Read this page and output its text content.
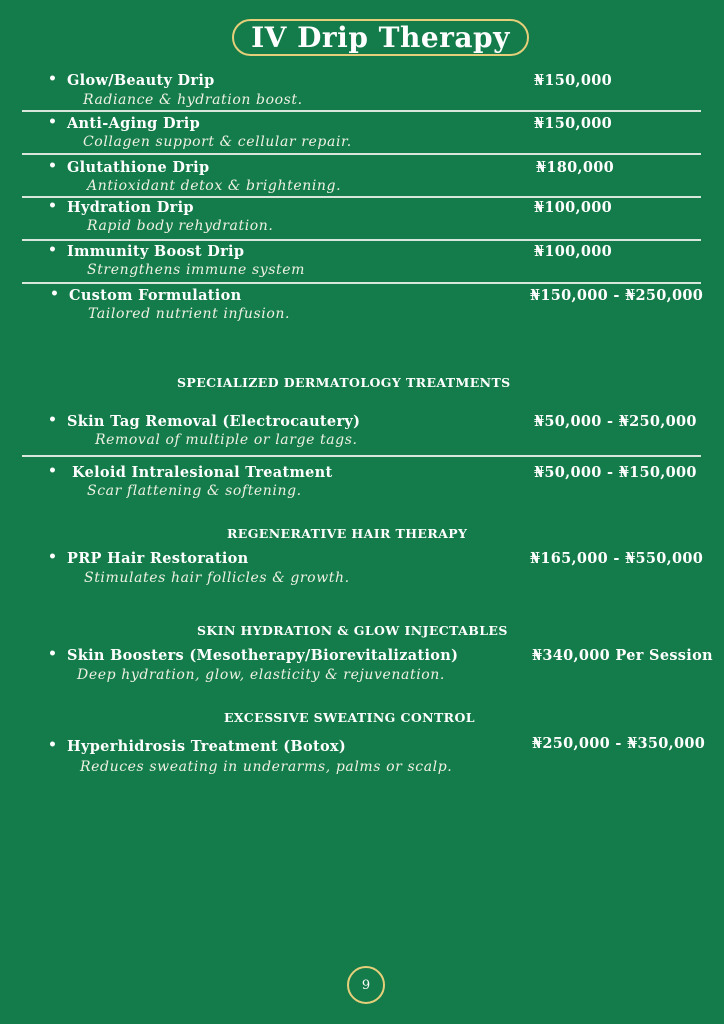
IV Drip Therapy
• Glow/Beauty Drip
Radiance & hydration boost.
₦150,000
• Anti-Aging Drip
Collagen support & cellular repair.
₦150,000
• Glutathione Drip
Antioxidant detox & brightening.
₦180,000
• Hydration Drip
Rapid body rehydration.
₦100,000
• Immunity Boost Drip
Strengthens immune system
₦100,000
• Custom Formulation
Tailored nutrient infusion.
₦150,000 - ₦250,000
SPECIALIZED DERMATOLOGY TREATMENTS
• Skin Tag Removal (Electrocautery)
Removal of multiple or large tags.
₦50,000 - ₦250,000
• Keloid Intralesional Treatment
Scar flattening & softening.
₦50,000 - ₦150,000
REGENERATIVE HAIR THERAPY
• PRP Hair Restoration
Stimulates hair follicles & growth.
₦165,000 - ₦550,000
SKIN HYDRATION & GLOW INJECTABLES
• Skin Boosters (Mesotherapy/Biorevitalization)
Deep hydration, glow, elasticity & rejuvenation.
₦340,000 Per Session
EXCESSIVE SWEATING CONTROL
• Hyperhidrosis Treatment (Botox)
Reduces sweating in underarms, palms or scalp.
₦250,000 - ₦350,000
9
